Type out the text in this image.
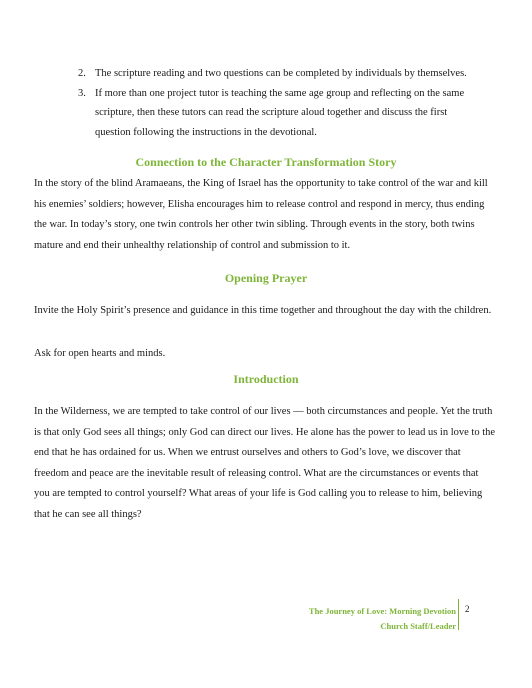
2. The scripture reading and two questions can be completed by individuals by themselves.
3. If more than one project tutor is teaching the same age group and reflecting on the same scripture, then these tutors can read the scripture aloud together and discuss the first question following the instructions in the devotional.
Connection to the Character Transformation Story

In the story of the blind Aramaeans, the King of Israel has the opportunity to take control of the war and kill his enemies’ soldiers; however, Elisha encourages him to release control and respond in mercy, thus ending the war. In today’s story, one twin controls her other twin sibling. Through events in the story, both twins mature and end their unhealthy relationship of control and submission to it.

Opening Prayer

Invite the Holy Spirit’s presence and guidance in this time together and throughout the day with the children.

Ask for open hearts and minds.

Introduction

In the Wilderness, we are tempted to take control of our lives — both circumstances and people. Yet the truth is that only God sees all things; only God can direct our lives. He alone has the power to lead us in love to the end that he has ordained for us. When we entrust ourselves and others to God’s love, we discover that freedom and peace are the inevitable result of releasing control. What are the circumstances or events that you are tempted to control yourself? What areas of your life is God calling you to release to him, believing that he can see all things?

The Journey of Love: Morning Devotion
Church Staff/Leader
2
